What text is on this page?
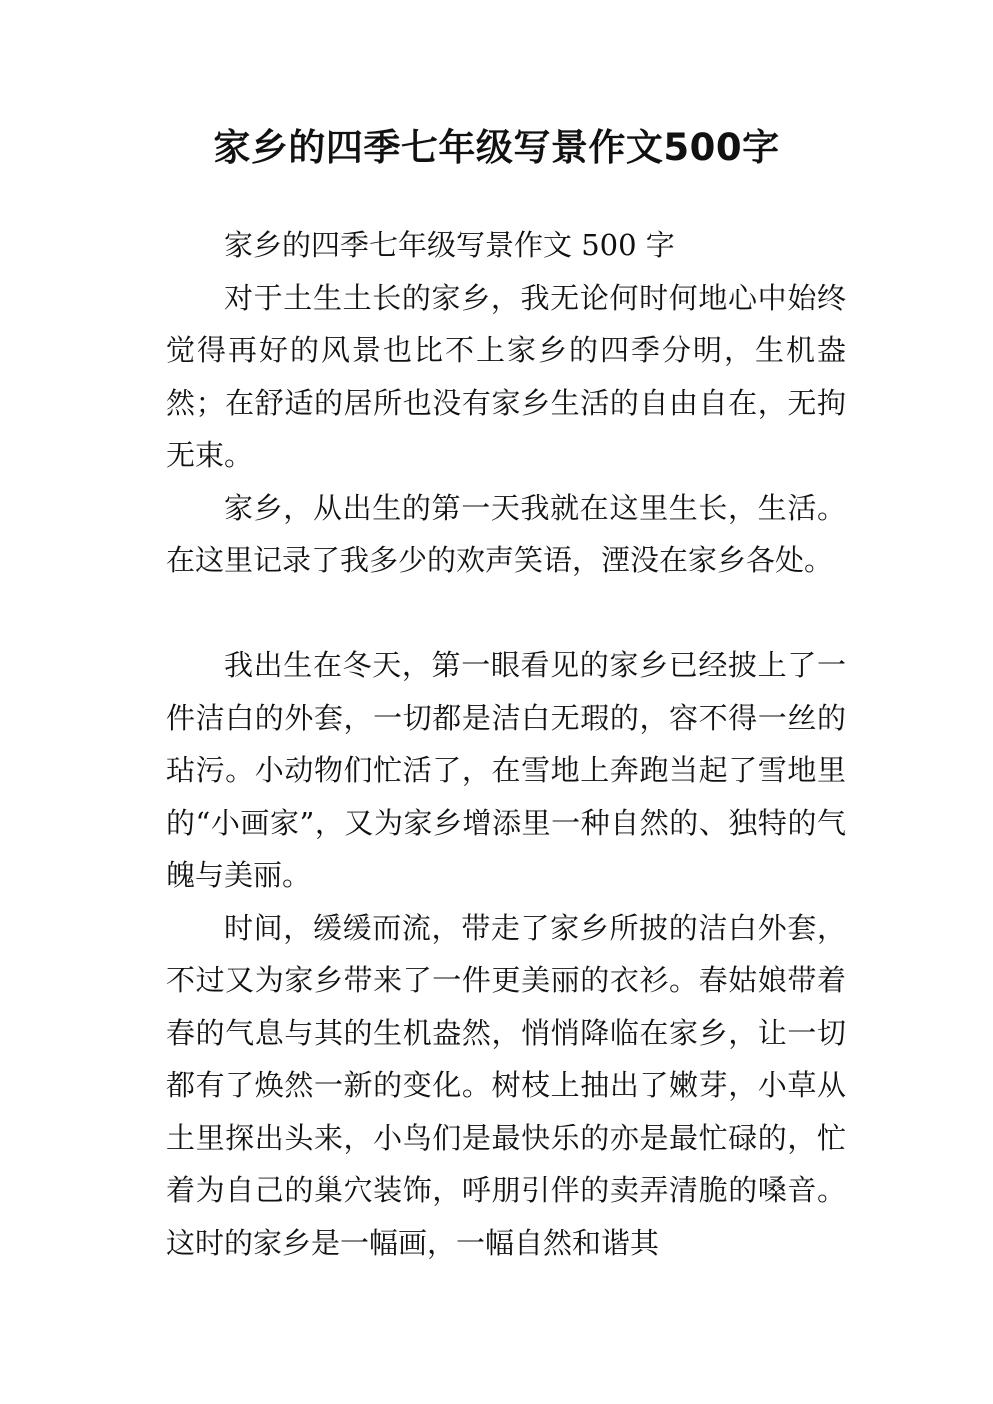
家乡的四季七年级写景作文500字

家乡的四季七年级写景作文 500 字

对于土生土长的家乡，我无论何时何地心中始终觉得再好的风景也比不上家乡的四季分明，生机盎然；在舒适的居所也没有家乡生活的自由自在，无拘无束。

家乡，从出生的第一天我就在这里生长，生活。在这里记录了我多少的欢声笑语，湮没在家乡各处。

我出生在冬天，第一眼看见的家乡已经披上了一件洁白的外套，一切都是洁白无瑕的，容不得一丝的玷污。小动物们忙活了，在雪地上奔跑当起了雪地里的“小画家”，又为家乡增添里一种自然的、独特的气魄与美丽。

时间，缓缓而流，带走了家乡所披的洁白外套，不过又为家乡带来了一件更美丽的衣衫。春姑娘带着春的气息与其的生机盎然，悄悄降临在家乡，让一切都有了焕然一新的变化。树枝上抽出了嫩芽，小草从土里探出头来，小鸟们是最快乐的亦是最忙碌的，忙着为自己的巢穴装饰，呼朋引伴的卖弄清脆的嗓音。这时的家乡是一幅画，一幅自然和谐其
